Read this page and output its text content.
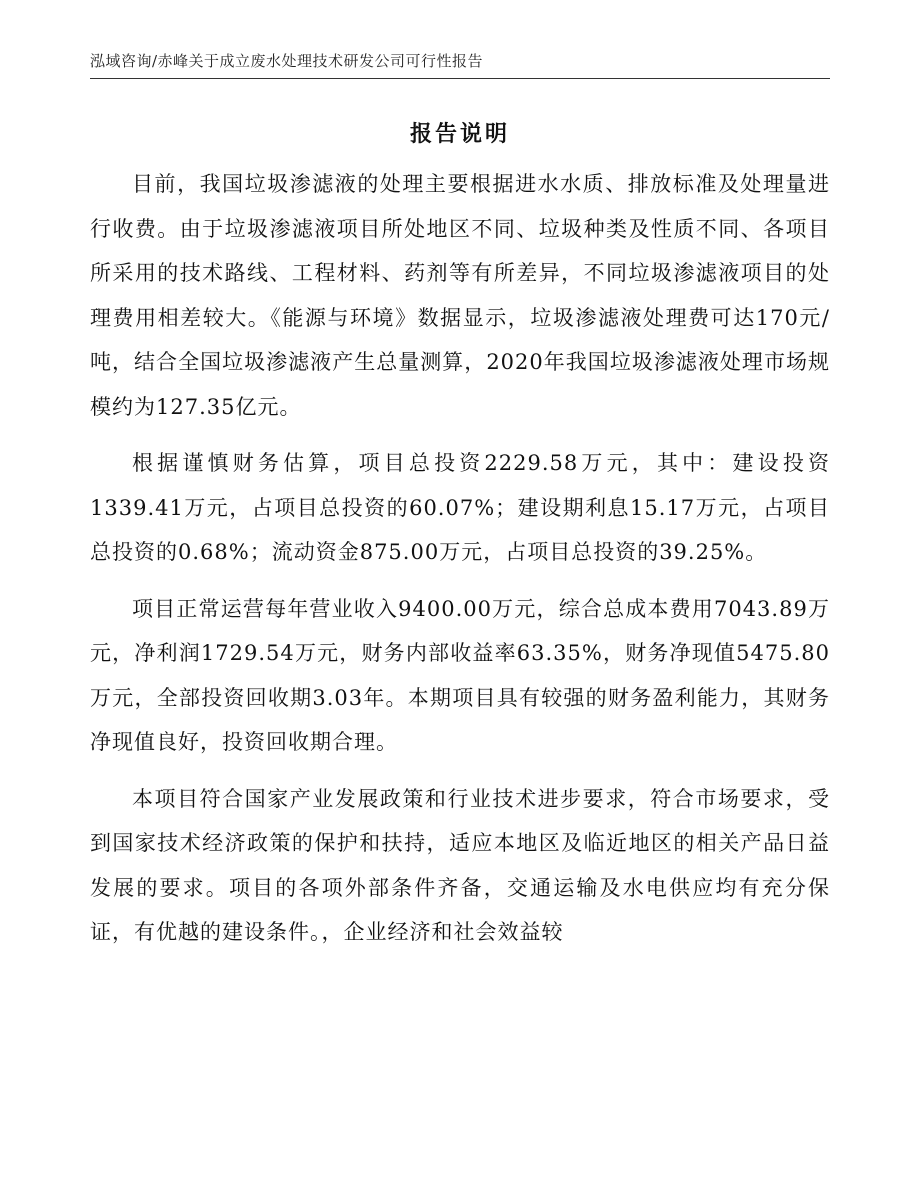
泓域咨询/赤峰关于成立废水处理技术研发公司可行性报告
报告说明

目前，我国垃圾渗滤液的处理主要根据进水水质、排放标准及处理量进行收费。由于垃圾渗滤液项目所处地区不同、垃圾种类及性质不同、各项目所采用的技术路线、工程材料、药剂等有所差异，不同垃圾渗滤液项目的处理费用相差较大。《能源与环境》数据显示，垃圾渗滤液处理费可达170元/吨，结合全国垃圾渗滤液产生总量测算，2020年我国垃圾渗滤液处理市场规模约为127.35亿元。

根据谨慎财务估算，项目总投资2229.58万元，其中：建设投资1339.41万元，占项目总投资的60.07%；建设期利息15.17万元，占项目总投资的0.68%；流动资金875.00万元，占项目总投资的39.25%。

项目正常运营每年营业收入9400.00万元，综合总成本费用7043.89万元，净利润1729.54万元，财务内部收益率63.35%，财务净现值5475.80万元，全部投资回收期3.03年。本期项目具有较强的财务盈利能力，其财务净现值良好，投资回收期合理。

本项目符合国家产业发展政策和行业技术进步要求，符合市场要求，受到国家技术经济政策的保护和扶持，适应本地区及临近地区的相关产品日益发展的要求。项目的各项外部条件齐备，交通运输及水电供应均有充分保证，有优越的建设条件。，企业经济和社会效益较
